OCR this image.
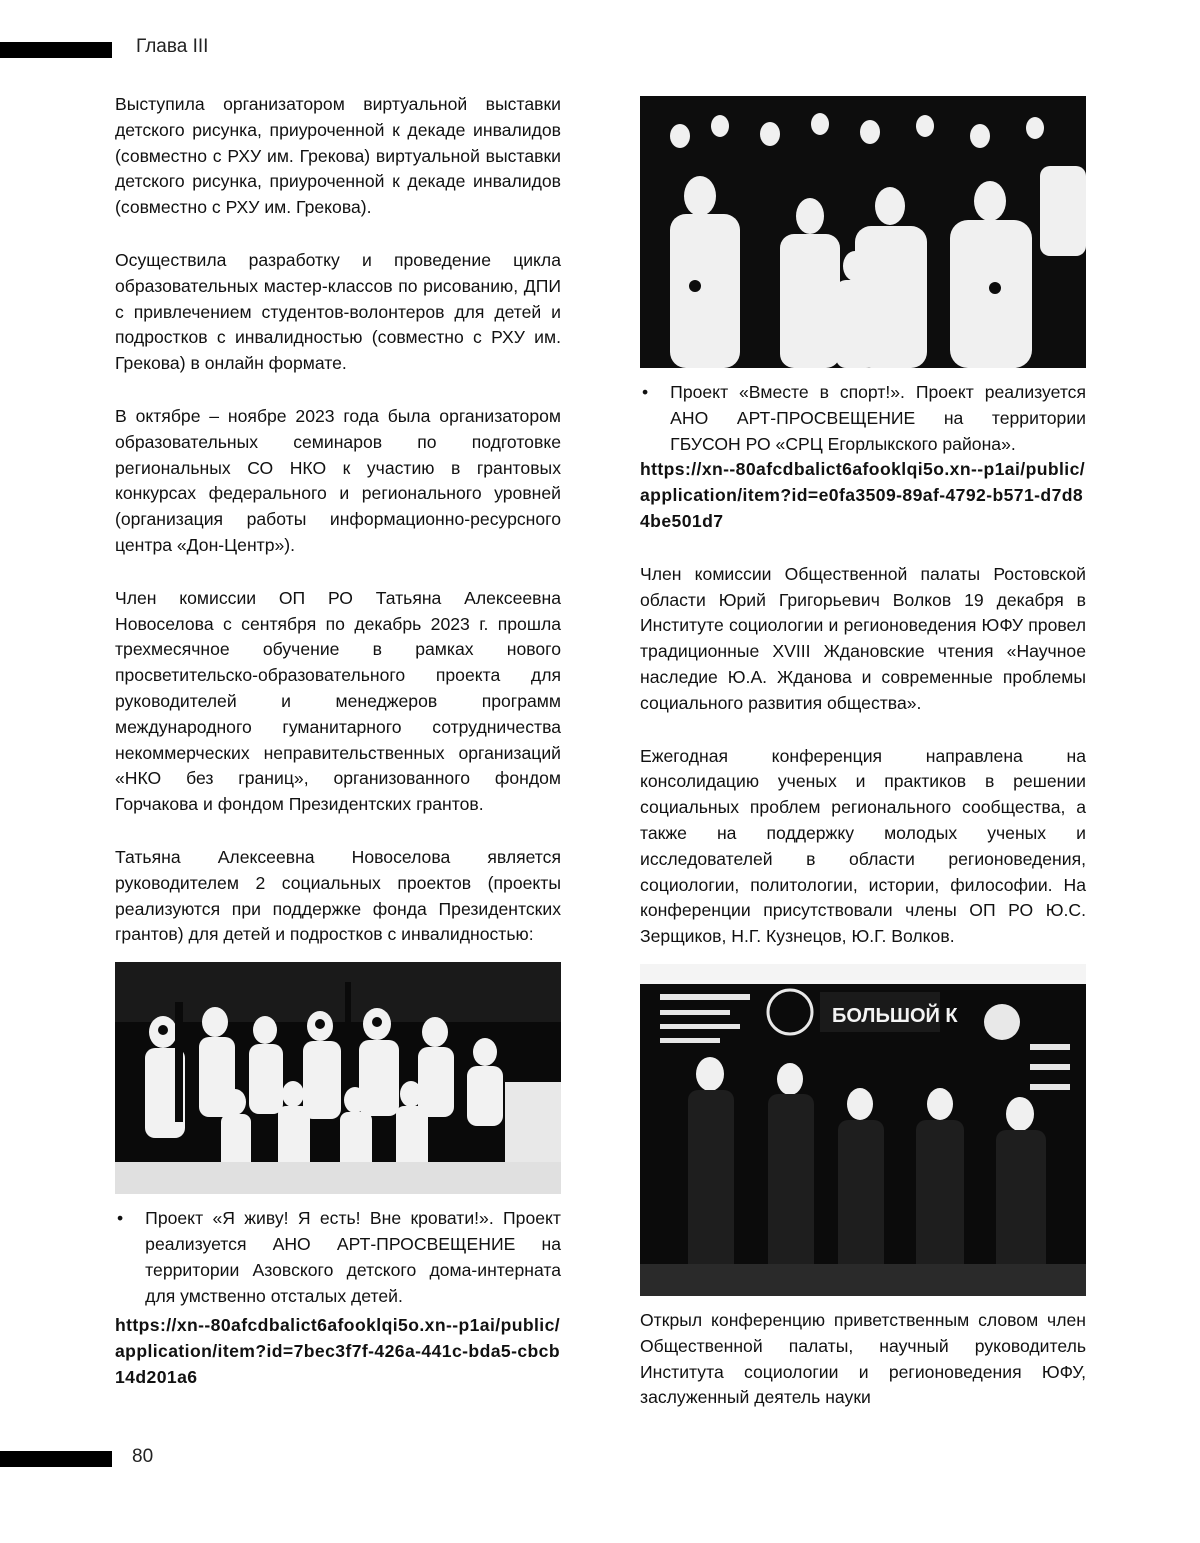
Глава III

Выступила организатором виртуальной выставки детского рисунка, приуроченной к декаде инвалидов (совместно с РХУ им. Грекова) виртуальной выставки детского рисунка, приуроченной к декаде инвалидов (совместно с РХУ им. Грекова).

Осуществила разработку и проведение цикла образовательных мастер-классов по рисованию, ДПИ с привлечением студентов-волонтеров для детей и подростков с инвалидностью (совместно с РХУ им. Грекова) в онлайн формате.

В октябре – ноябре 2023 года была организатором образовательных семинаров по подготовке региональных СО НКО к участию в грантовых конкурсах федерального и регионального уровней (организация работы информационно-ресурсного центра «Дон-Центр»).

Член комиссии ОП РО Татьяна Алексеевна Новоселова с сентября по декабрь 2023 г. прошла трехмесячное обучение в рамках нового просветительско-образовательного проекта для руководителей и менеджеров программ международного гуманитарного сотрудничества некоммерческих неправительственных организаций «НКО без границ», организованного фондом Горчакова и фондом Президентских грантов.

Татьяна Алексеевна Новоселова является руководителем 2 социальных проектов (проекты реализуются при поддержке фонда Президентских грантов) для детей и подростков с инвалидностью:

• Проект «Я живу! Я есть! Вне кровати!». Проект реализуется АНО АРТ-ПРОСВЕЩЕНИЕ на территории Азовского детского дома-интерната для умственно отсталых детей.
https://xn--80afcdbalict6afooklqi5o.xn--p1ai/public/application/item?id=7bec3f7f-426a-441c-bda5-cbcb14d201a6
• Проект «Вместе в спорт!». Проект реализуется АНО АРТ-ПРОСВЕЩЕНИЕ на территории ГБУСОН РО «СРЦ Егорлыкского района».
https://xn--80afcdbalict6afooklqi5o.xn--p1ai/public/application/item?id=e0fa3509-89af-4792-b571-d7d84be501d7

Член комиссии Общественной палаты Ростовской области Юрий Григорьевич Волков 19 декабря в Институте социологии и регионоведения ЮФУ провел традиционные XVIII Ждановские чтения «Научное наследие Ю.А. Жданова и современные проблемы социального развития общества».

Ежегодная конференция направлена на консолидацию ученых и практиков в решении социальных проблем регионального сообщества, а также на поддержку молодых ученых и исследователей в области регионоведения, социологии, политологии, истории, философии. На конференции присутствовали члены ОП РО Ю.С. Зерщиков, Н.Г. Кузнецов, Ю.Г. Волков.

БОЛЬШОЙ К

Открыл конференцию приветственным словом член Общественной палаты, научный руководитель Института социологии и регионоведения ЮФУ, заслуженный деятель науки

80
